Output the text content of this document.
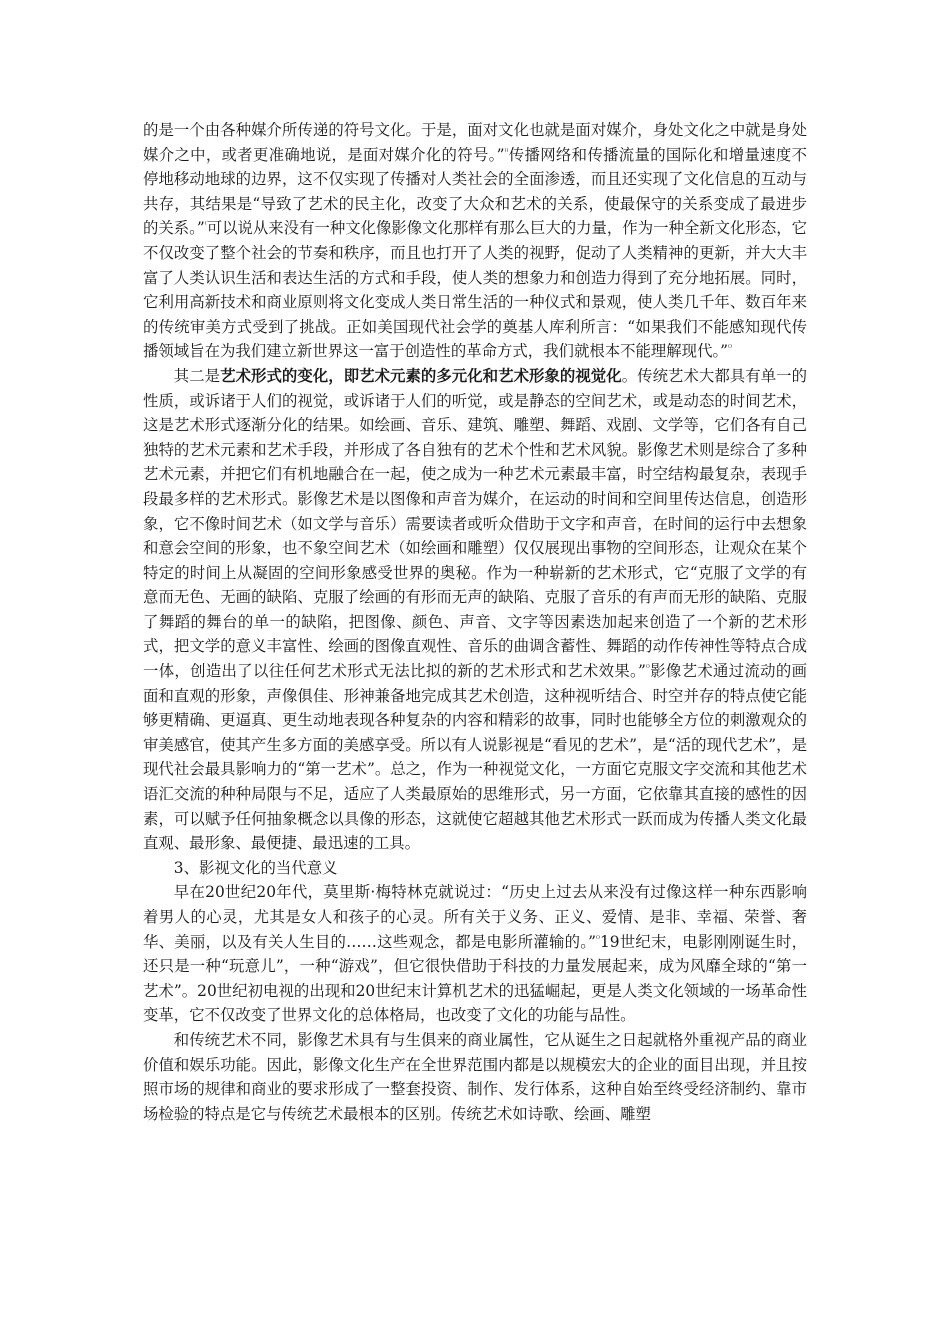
的是一个由各种媒介所传递的符号文化。于是，面对文化也就是面对媒介，身处文化之中就是身处媒介之中，或者更准确地说，是面对媒介化的符号。”⁽⁾传播网络和传播流量的国际化和增量速度不停地移动地球的边界，这不仅实现了传播对人类社会的全面渗透，而且还实现了文化信息的互动与共存，其结果是“导致了艺术的民主化，改变了大众和艺术的关系，使最保守的关系变成了最进步的关系。”⁽可以说从来没有一种文化像影像文化那样有那么巨大的力量，作为一种全新文化形态，它不仅改变了整个社会的节奏和秩序，而且也打开了人类的视野，促动了人类精神的更新，并大大丰富了人类认识生活和表达生活的方式和手段，使人类的想象力和创造力得到了充分地拓展。同时，它利用高新技术和商业原则将文化变成人类日常生活的一种仪式和景观，使人类几千年、数百年来的传统审美方式受到了挑战。正如美国现代社会学的奠基人库利所言：“如果我们不能感知现代传播领域旨在为我们建立新世界这一富于创造性的革命方式，我们就根本不能理解现代。”⁽⁾

其二是艺术形式的变化，即艺术元素的多元化和艺术形象的视觉化。传统艺术大都具有单一的性质，或诉诸于人们的视觉，或诉诸于人们的听觉，或是静态的空间艺术，或是动态的时间艺术，这是艺术形式逐渐分化的结果。如绘画、音乐、建筑、雕塑、舞蹈、戏剧、文学等，它们各有自己独特的艺术元素和艺术手段，并形成了各自独有的艺术个性和艺术风貌。影像艺术则是综合了多种艺术元素，并把它们有机地融合在一起，使之成为一种艺术元素最丰富，时空结构最复杂，表现手段最多样的艺术形式。影像艺术是以图像和声音为媒介，在运动的时间和空间里传达信息，创造形象，它不像时间艺术（如文学与音乐）需要读者或听众借助于文字和声音，在时间的运行中去想象和意会空间的形象，也不象空间艺术（如绘画和雕塑）仅仅展现出事物的空间形态，让观众在某个特定的时间上从凝固的空间形象感受世界的奥秘。作为一种崭新的艺术形式，它“克服了文学的有意而无色、无画的缺陷、克服了绘画的有形而无声的缺陷、克服了音乐的有声而无形的缺陷、克服了舞蹈的舞台的单一的缺陷，把图像、颜色、声音、文字等因素迭加起来创造了一个新的艺术形式，把文学的意义丰富性、绘画的图像直观性、音乐的曲调含蓄性、舞蹈的动作传神性等特点合成一体，创造出了以往任何艺术形式无法比拟的新的艺术形式和艺术效果。”⁽⁾影像艺术通过流动的画面和直观的形象，声像俱佳、形神兼备地完成其艺术创造，这种视听结合、时空并存的特点使它能够更精确、更逼真、更生动地表现各种复杂的内容和精彩的故事，同时也能够全方位的刺激观众的审美感官，使其产生多方面的美感享受。所以有人说影视是“看见的艺术”，是“活的现代艺术”，是现代社会最具影响力的“第一艺术”。总之，作为一种视觉文化，一方面它克服文字交流和其他艺术语汇交流的种种局限与不足，适应了人类最原始的思维形式，另一方面，它依靠其直接的感性的因素，可以赋予任何抽象概念以具像的形态，这就使它超越其他艺术形式一跃而成为传播人类文化最直观、最形象、最便捷、最迅速的工具。

3、影视文化的当代意义

早在20世纪20年代，莫里斯·梅特林克就说过：“历史上过去从来没有过像这样一种东西影响着男人的心灵，尤其是女人和孩子的心灵。所有关于义务、正义、爱情、是非、幸福、荣誉、奢华、美丽，以及有关人生目的……这些观念，都是电影所灌输的。”⁽⁾19世纪末，电影刚刚诞生时，还只是一种“玩意儿”，一种“游戏”，但它很快借助于科技的力量发展起来，成为风靡全球的“第一艺术”。20世纪初电视的出现和20世纪末计算机艺术的迅猛崛起，更是人类文化领域的一场革命性变革，它不仅改变了世界文化的总体格局，也改变了文化的功能与品性。

和传统艺术不同，影像艺术具有与生俱来的商业属性，它从诞生之日起就格外重视产品的商业价值和娱乐功能。因此，影像文化生产在全世界范围内都是以规模宏大的企业的面目出现，并且按照市场的规律和商业的要求形成了一整套投资、制作、发行体系，这种自始至终受经济制约、靠市场检验的特点是它与传统艺术最根本的区别。传统艺术如诗歌、绘画、雕塑
